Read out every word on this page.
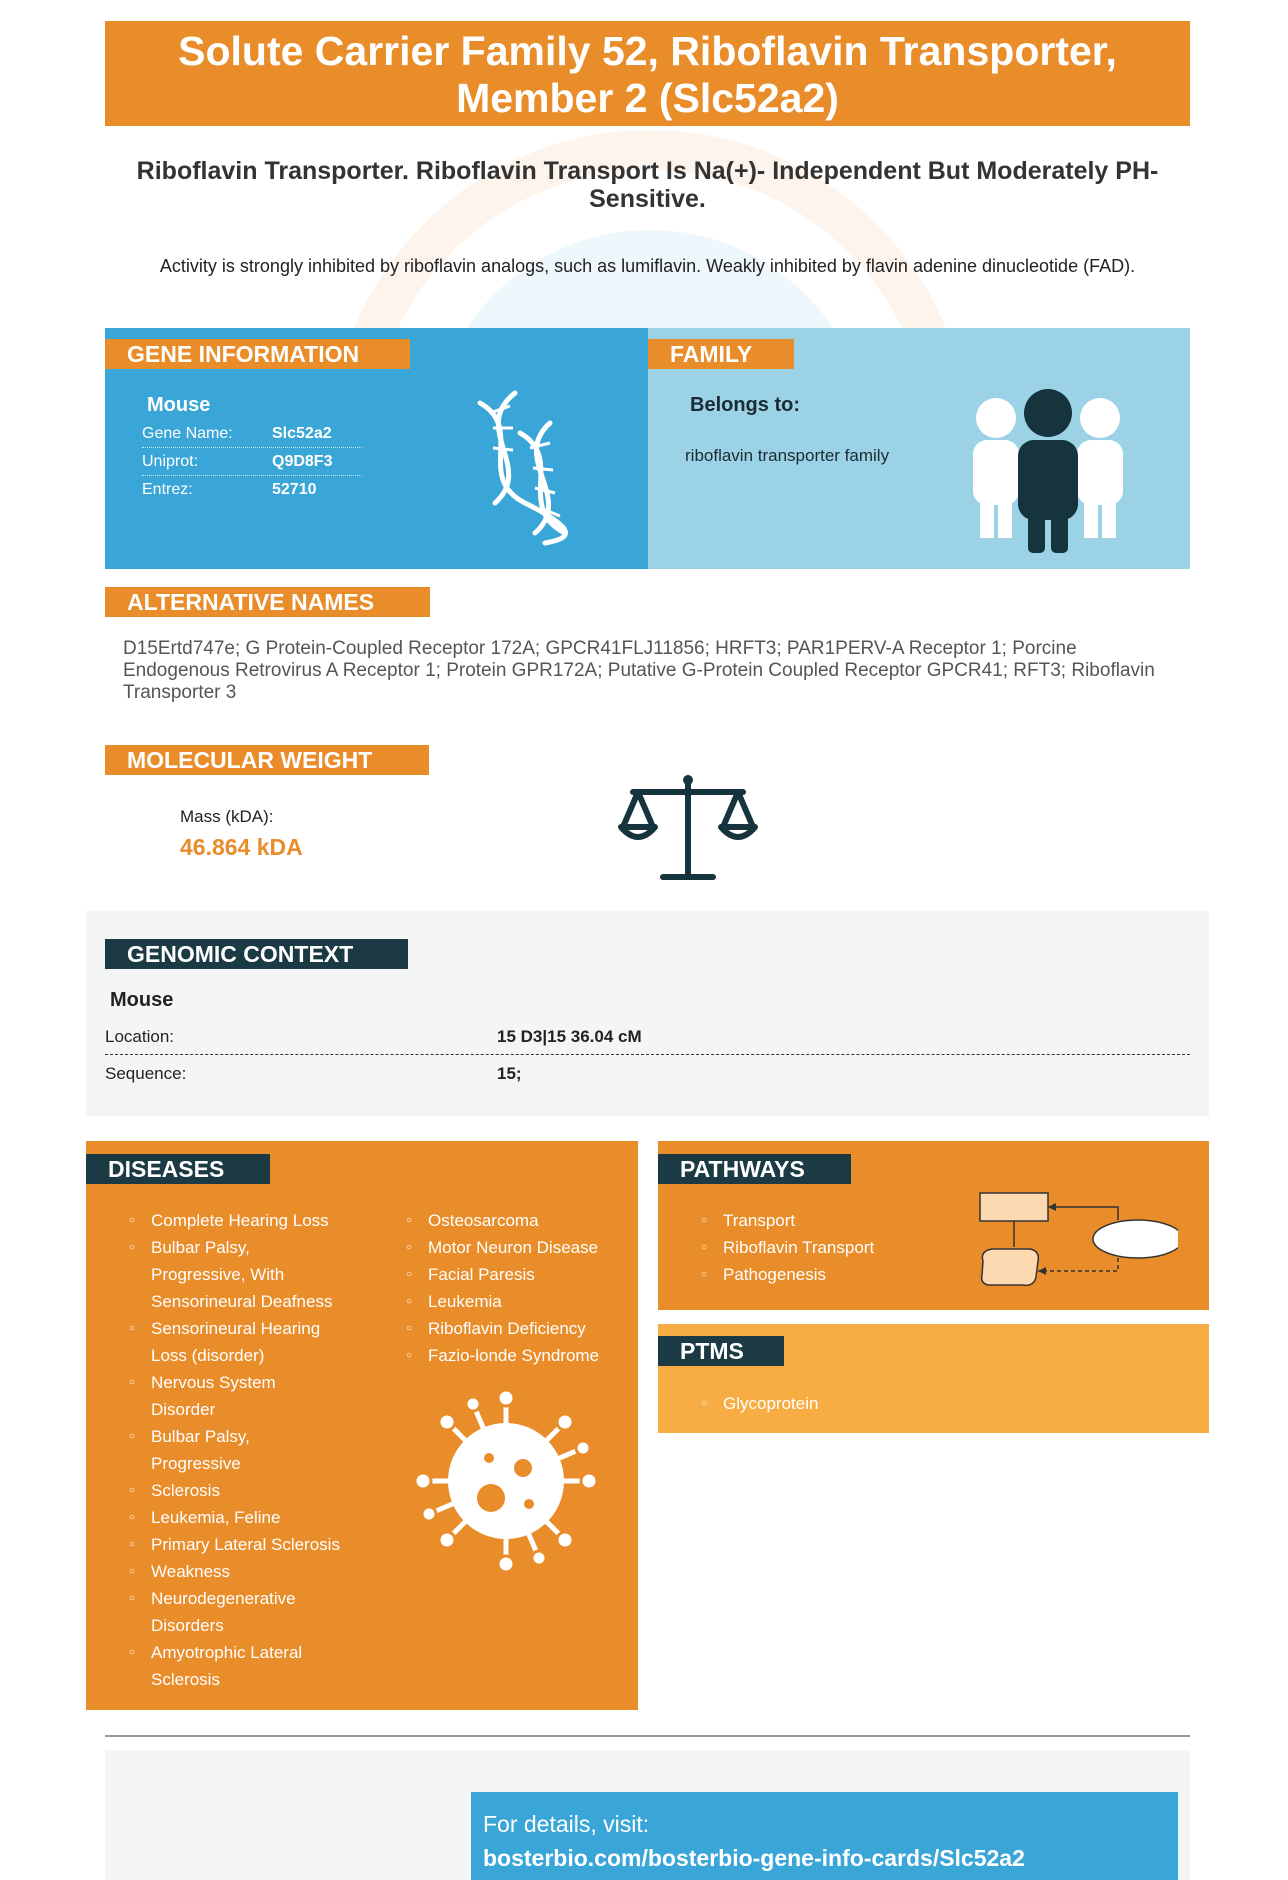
Solute Carrier Family 52, Riboflavin Transporter, Member 2 (Slc52a2)
Riboflavin Transporter. Riboflavin Transport Is Na(+)- Independent But Moderately PH-Sensitive.
Activity is strongly inhibited by riboflavin analogs, such as lumiflavin. Weakly inhibited by flavin adenine dinucleotide (FAD).
GENE INFORMATION
Mouse
Gene Name:	Slc52a2
Uniprot:	Q9D8F3
Entrez:	52710
FAMILY
Belongs to:
riboflavin transporter family
ALTERNATIVE NAMES
D15Ertd747e; G Protein-Coupled Receptor 172A; GPCR41FLJ11856; HRFT3; PAR1PERV-A Receptor 1; Porcine Endogenous Retrovirus A Receptor 1; Protein GPR172A; Putative G-Protein Coupled Receptor GPCR41; RFT3; Riboflavin Transporter 3
MOLECULAR WEIGHT
Mass (kDA):
46.864 kDA
GENOMIC CONTEXT
Mouse
Location:	15 D3|15 36.04 cM
Sequence:	15;
DISEASES
○ Complete Hearing Loss
○ Bulbar Palsy,
Progressive, With
Sensorineural Deafness
○ Sensorineural Hearing
Loss (disorder)
○ Nervous System
Disorder
○ Bulbar Palsy,
Progressive
○ Sclerosis
○ Leukemia, Feline
○ Primary Lateral Sclerosis
○ Weakness
○ Neurodegenerative
Disorders
○ Amyotrophic Lateral
Sclerosis
○ Osteosarcoma
○ Motor Neuron Disease
○ Facial Paresis
○ Leukemia
○ Riboflavin Deficiency
○ Fazio-londe Syndrome
PATHWAYS
○ Transport
○ Riboflavin Transport
○ Pathogenesis
PTMS
○ Glycoprotein
For details, visit:
bosterbio.com/bosterbio-gene-info-cards/Slc52a2
